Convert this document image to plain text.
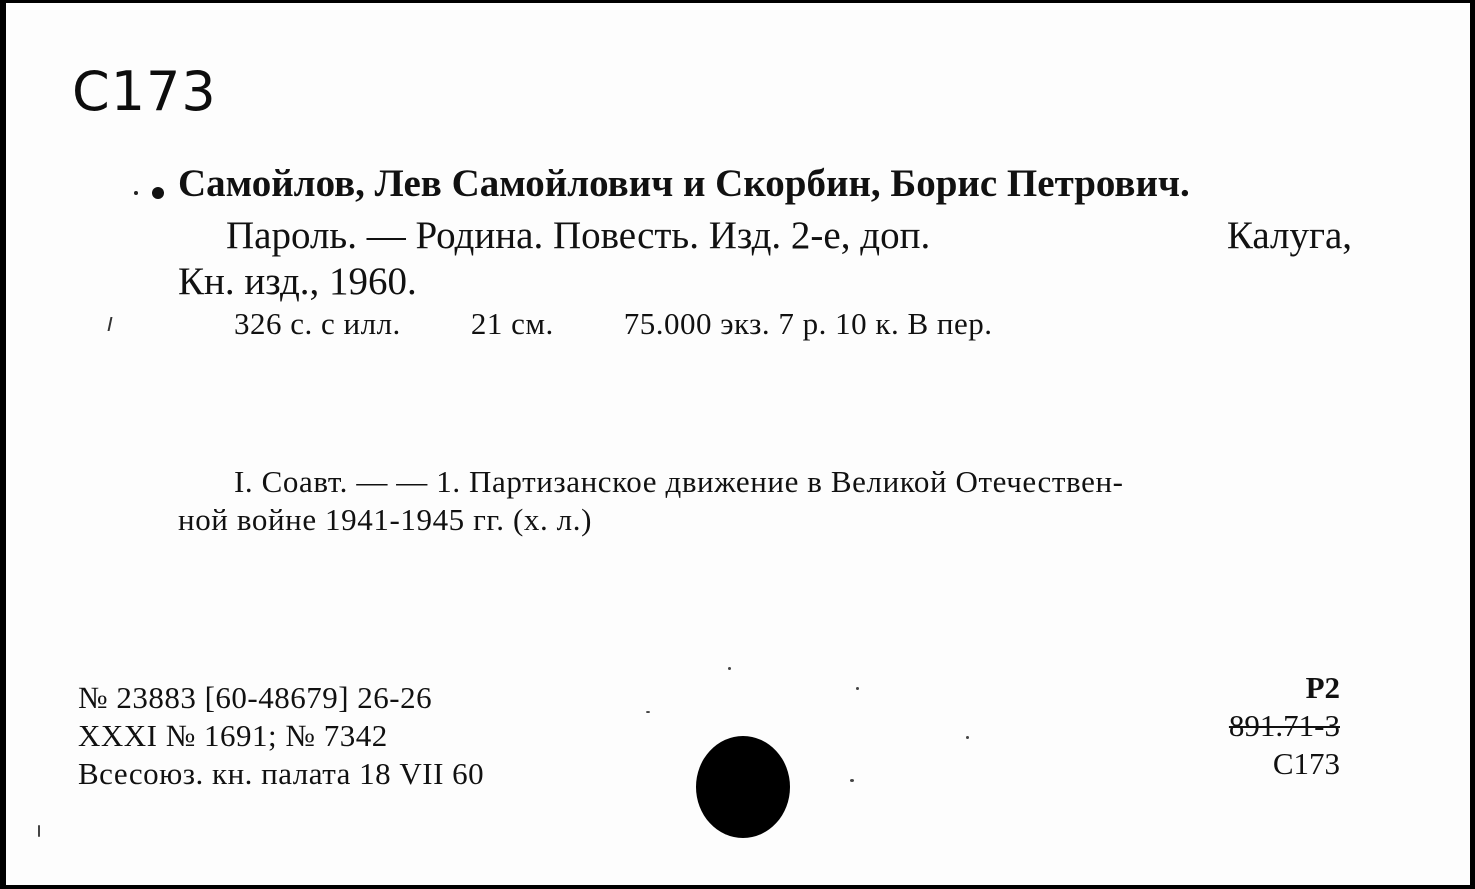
C173
Самойлов, Лев Самойлович и Скорбин, Борис Петрович.
Пароль. — Родина. Повесть. Изд. 2-е, доп.	Калуга,
Кн. изд., 1960.
326 с. с илл. 21 см. 75.000 экз. 7 р. 10 к. В пер.
I. Соавт. — — 1. Партизанское движение в Великой Отечествен-
ной войне 1941-1945 гг. (х. л.)
№ 23883 [60-48679] 26-26
XXXI № 1691; № 7342
Всесоюз. кн. палата 18 VII 60
Р2
891.71-3
С173
